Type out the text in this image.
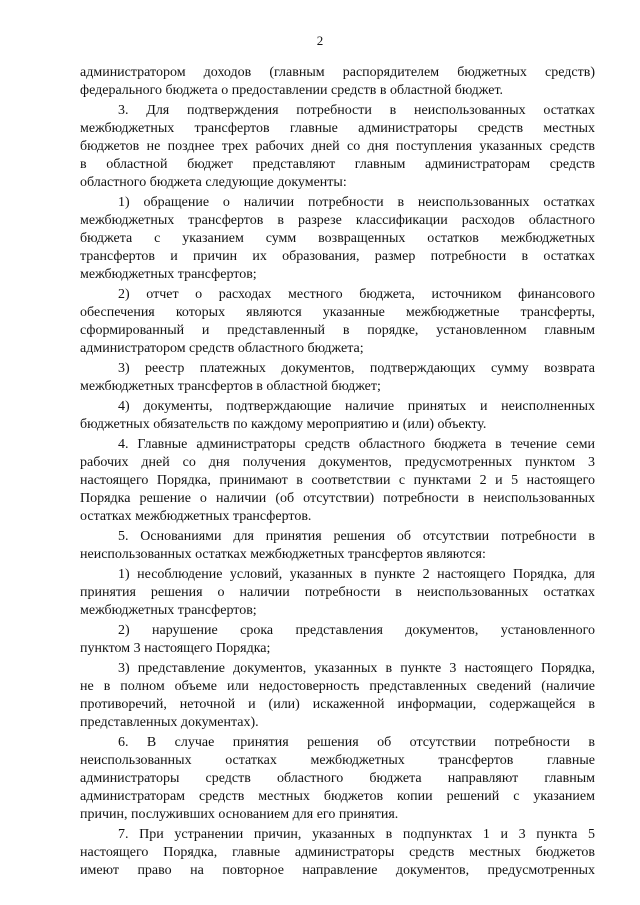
2
администратором доходов (главным распорядителем бюджетных средств)
федерального бюджета о предоставлении средств в областной бюджет.
3. Для подтверждения потребности в неиспользованных остатках
межбюджетных трансфертов главные администраторы средств местных
бюджетов не позднее трех рабочих дней со дня поступления указанных средств
в областной бюджет представляют главным администраторам средств
областного бюджета следующие документы:
1) обращение о наличии потребности в неиспользованных остатках
межбюджетных трансфертов в разрезе классификации расходов областного
бюджета с указанием сумм возвращенных остатков межбюджетных
трансфертов и причин их образования, размер потребности в остатках
межбюджетных трансфертов;
2) отчет о расходах местного бюджета, источником финансового
обеспечения которых являются указанные межбюджетные трансферты,
сформированный и представленный в порядке, установленном главным
администратором средств областного бюджета;
3) реестр платежных документов, подтверждающих сумму возврата
межбюджетных трансфертов в областной бюджет;
4) документы, подтверждающие наличие принятых и неисполненных
бюджетных обязательств по каждому мероприятию и (или) объекту.
4. Главные администраторы средств областного бюджета в течение семи
рабочих дней со дня получения документов, предусмотренных пунктом 3
настоящего Порядка, принимают в соответствии с пунктами 2 и 5 настоящего
Порядка решение о наличии (об отсутствии) потребности в неиспользованных
остатках межбюджетных трансфертов.
5. Основаниями для принятия решения об отсутствии потребности в
неиспользованных остатках межбюджетных трансфертов являются:
1) несоблюдение условий, указанных в пункте 2 настоящего Порядка, для
принятия решения о наличии потребности в неиспользованных остатках
межбюджетных трансфертов;
2) нарушение срока представления документов, установленного
пунктом 3 настоящего Порядка;
3) представление документов, указанных в пункте 3 настоящего Порядка,
не в полном объеме или недостоверность представленных сведений (наличие
противоречий, неточной и (или) искаженной информации, содержащейся в
представленных документах).
6. В случае принятия решения об отсутствии потребности в
неиспользованных остатках межбюджетных трансфертов главные
администраторы средств областного бюджета направляют главным
администраторам средств местных бюджетов копии решений с указанием
причин, послуживших основанием для его принятия.
7. При устранении причин, указанных в подпунктах 1 и 3 пункта 5
настоящего Порядка, главные администраторы средств местных бюджетов
имеют право на повторное направление документов, предусмотренных
